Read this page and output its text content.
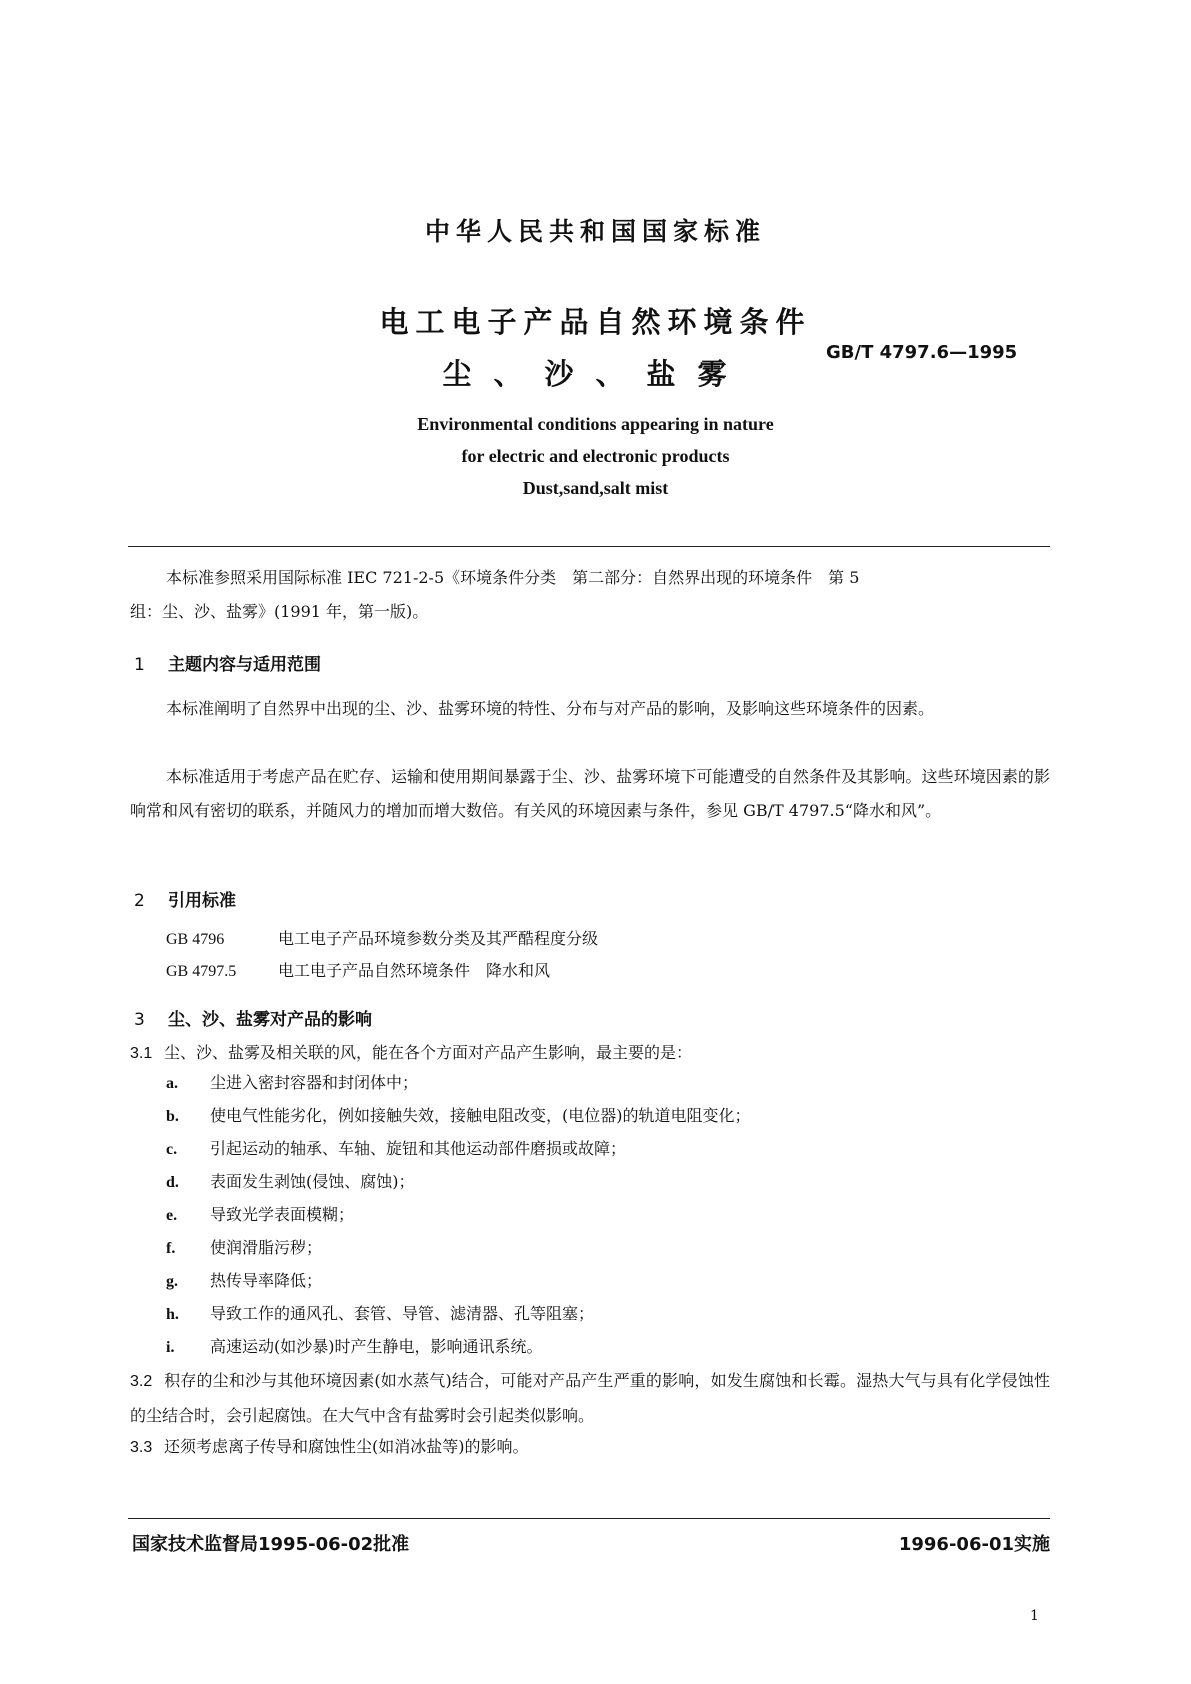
中华人民共和国国家标准
电工电子产品自然环境条件
尘、沙、盐雾
GB/T 4797.6—1995
Environmental conditions appearing in nature
for electric and electronic products
Dust,sand,salt mist
本标准参照采用国际标准 IEC 721-2-5《环境条件分类　第二部分：自然界出现的环境条件　第 5
组：尘、沙、盐雾》(1991 年，第一版)。
1 主题内容与适用范围
本标准阐明了自然界中出现的尘、沙、盐雾环境的特性、分布与对产品的影响，及影响这些环境条件的因素。
本标准适用于考虑产品在贮存、运输和使用期间暴露于尘、沙、盐雾环境下可能遭受的自然条件及其影响。这些环境因素的影响常和风有密切的联系，并随风力的增加而增大数倍。有关风的环境因素与条件，参见 GB/T 4797.5“降水和风”。
2 引用标准
GB 4796	电工电子产品环境参数分类及其严酷程度分级
GB 4797.5	电工电子产品自然环境条件　降水和风
3 尘、沙、盐雾对产品的影响
3.1 尘、沙、盐雾及相关联的风，能在各个方面对产品产生影响，最主要的是：
a. 尘进入密封容器和封闭体中；
b. 使电气性能劣化，例如接触失效，接触电阻改变，(电位器)的轨道电阻变化；
c. 引起运动的轴承、车轴、旋钮和其他运动部件磨损或故障；
d. 表面发生剥蚀(侵蚀、腐蚀)；
e. 导致光学表面模糊；
f. 使润滑脂污秽；
g. 热传导率降低；
h. 导致工作的通风孔、套管、导管、滤清器、孔等阻塞；
i. 高速运动(如沙暴)时产生静电，影响通讯系统。
3.2 积存的尘和沙与其他环境因素(如水蒸气)结合，可能对产品产生严重的影响，如发生腐蚀和长霉。湿热大气与具有化学侵蚀性的尘结合时，会引起腐蚀。在大气中含有盐雾时会引起类似影响。
3.3 还须考虑离子传导和腐蚀性尘(如消冰盐等)的影响。
国家技术监督局1995-06-02批准	1996-06-01实施
1
